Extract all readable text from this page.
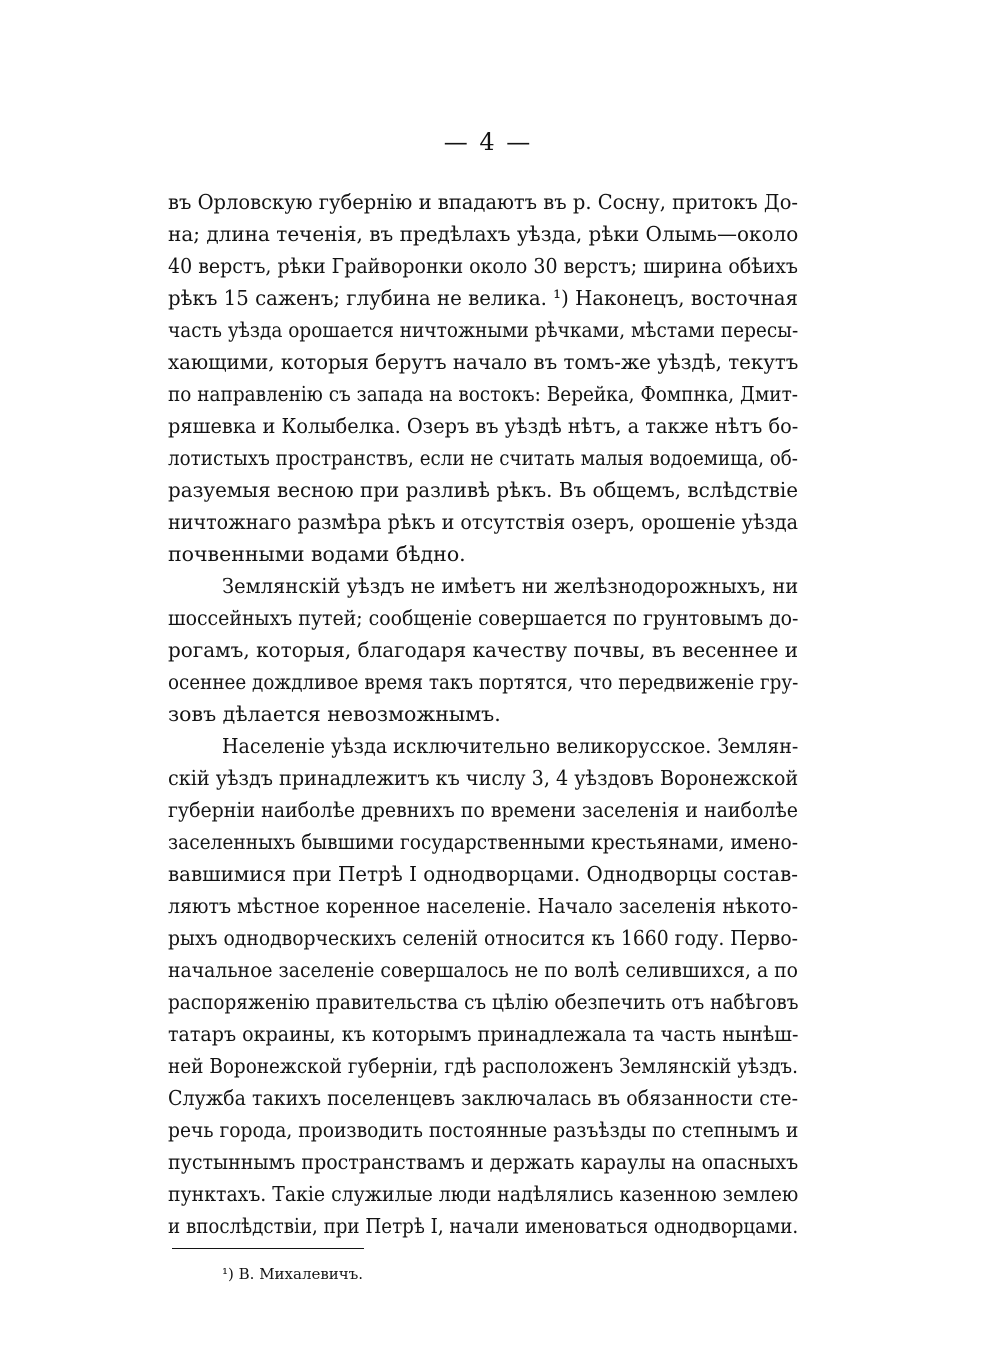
— 4 —
въ Орловскую губернію и впадаютъ въ р. Сосну, притокъ До-
на; длина теченія, въ предѣлахъ уѣзда, рѣки Олымь—около
40 верстъ, рѣки Грайворонки около 30 верстъ; ширина обѣихъ
рѣкъ 15 саженъ; глубина не велика. ¹) Наконецъ, восточная
часть уѣзда орошается ничтожными рѣчками, мѣстами пересы-
хающими, которыя берутъ начало въ томъ-же уѣздѣ, текутъ
по направленію съ запада на востокъ: Верейка, Фомпнка, Дмит-
ряшевка и Колыбелка. Озеръ въ уѣздѣ нѣтъ, а также нѣтъ бо-
лотистыхъ пространствъ, если не считать малыя водоемища, об-
разуемыя весною при разливѣ рѣкъ. Въ общемъ, вслѣдствіе
ничтожнаго размѣра рѣкъ и отсутствія озеръ, орошеніе уѣзда
почвенными водами бѣдно.
Землянскій уѣздъ не имѣетъ ни желѣзнодорожныхъ, ни
шоссейныхъ путей; сообщеніе совершается по грунтовымъ до-
рогамъ, которыя, благодаря качеству почвы, въ весеннее и
осеннее дождливое время такъ портятся, что передвиженіе гру-
зовъ дѣлается невозможнымъ.
Населеніе уѣзда исключительно великорусское. Землян-
скій уѣздъ принадлежитъ къ числу 3, 4 уѣздовъ Воронежской
губерніи наиболѣе древнихъ по времени заселенія и наиболѣе
заселенныхъ бывшими государственными крестьянами, имено-
вавшимися при Петрѣ I однодворцами. Однодворцы состав-
ляютъ мѣстное коренное населеніе. Начало заселенія нѣкото-
рыхъ однодворческихъ селеній относится къ 1660 году. Перво-
начальное заселеніе совершалось не по волѣ селившихся, а по
распоряженію правительства съ цѣлію обезпечить отъ набѣговъ
татаръ окраины, къ которымъ принадлежала та часть нынѣш-
ней Воронежской губерніи, гдѣ расположенъ Землянскій уѣздъ.
Служба такихъ поселенцевъ заключалась въ обязанности сте-
речь города, производить постоянные разъѣзды по степнымъ и
пустыннымъ пространствамъ и держать караулы на опасныхъ
пунктахъ. Такіе служилые люди надѣлялись казенною землею
и впослѣдствіи, при Петрѣ I, начали именоваться однодворцами.
¹) В. Михалевичъ.
